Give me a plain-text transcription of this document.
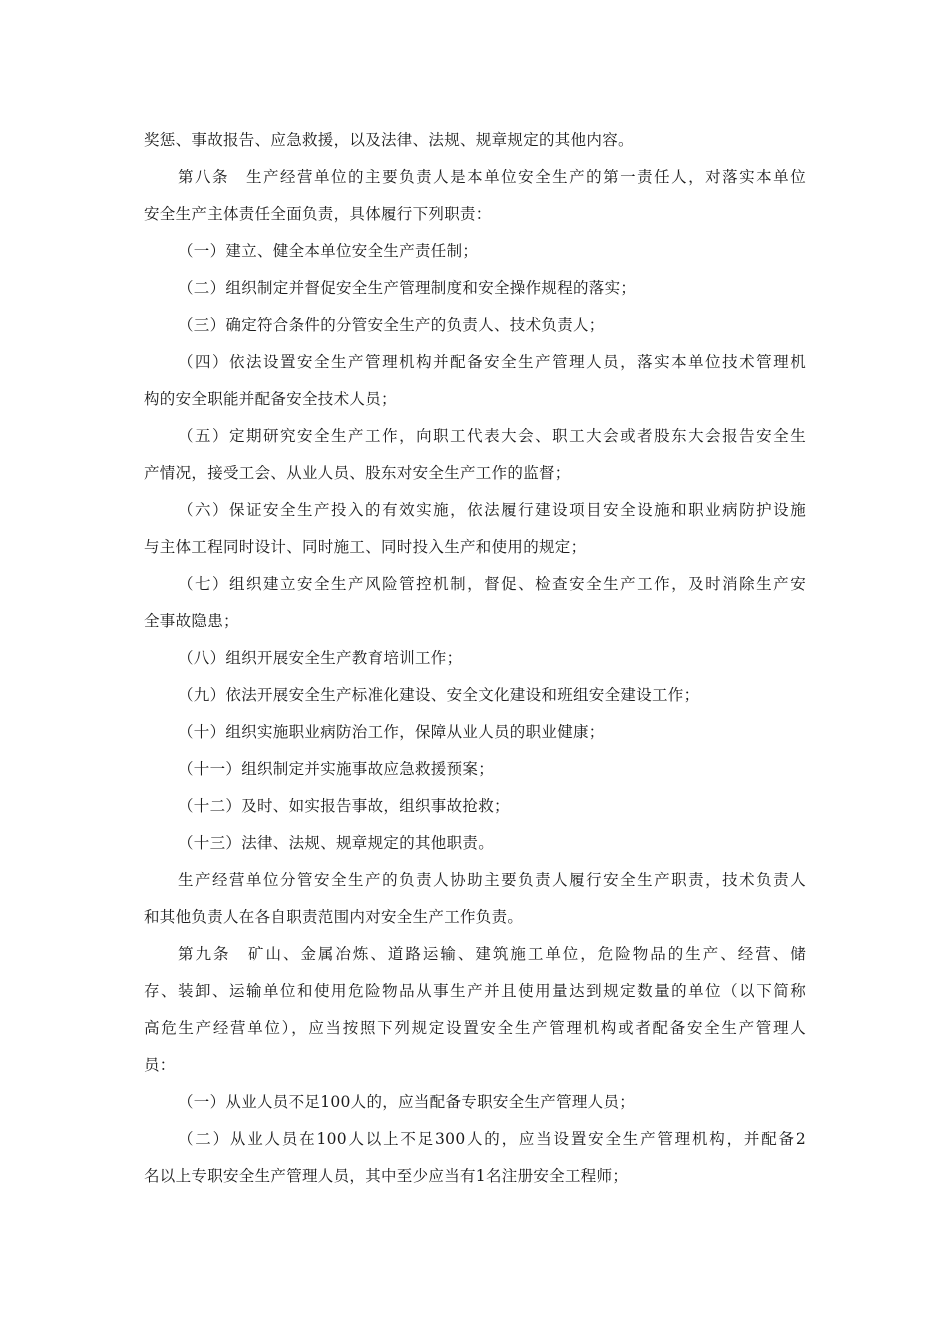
奖惩、事故报告、应急救援，以及法律、法规、规章规定的其他内容。
第八条　生产经营单位的主要负责人是本单位安全生产的第一责任人，对落实本单位
安全生产主体责任全面负责，具体履行下列职责：
（一）建立、健全本单位安全生产责任制；
（二）组织制定并督促安全生产管理制度和安全操作规程的落实；
（三）确定符合条件的分管安全生产的负责人、技术负责人；
（四）依法设置安全生产管理机构并配备安全生产管理人员，落实本单位技术管理机
构的安全职能并配备安全技术人员；
（五）定期研究安全生产工作，向职工代表大会、职工大会或者股东大会报告安全生
产情况，接受工会、从业人员、股东对安全生产工作的监督；
（六）保证安全生产投入的有效实施，依法履行建设项目安全设施和职业病防护设施
与主体工程同时设计、同时施工、同时投入生产和使用的规定；
（七）组织建立安全生产风险管控机制，督促、检查安全生产工作，及时消除生产安
全事故隐患；
（八）组织开展安全生产教育培训工作；
（九）依法开展安全生产标准化建设、安全文化建设和班组安全建设工作；
（十）组织实施职业病防治工作，保障从业人员的职业健康；
（十一）组织制定并实施事故应急救援预案；
（十二）及时、如实报告事故，组织事故抢救；
（十三）法律、法规、规章规定的其他职责。
生产经营单位分管安全生产的负责人协助主要负责人履行安全生产职责，技术负责人
和其他负责人在各自职责范围内对安全生产工作负责。
第九条　矿山、金属冶炼、道路运输、建筑施工单位，危险物品的生产、经营、储
存、装卸、运输单位和使用危险物品从事生产并且使用量达到规定数量的单位（以下简称
高危生产经营单位），应当按照下列规定设置安全生产管理机构或者配备安全生产管理人
员：
（一）从业人员不足100人的，应当配备专职安全生产管理人员；
（二）从业人员在100人以上不足300人的，应当设置安全生产管理机构，并配备2
名以上专职安全生产管理人员，其中至少应当有1名注册安全工程师；
